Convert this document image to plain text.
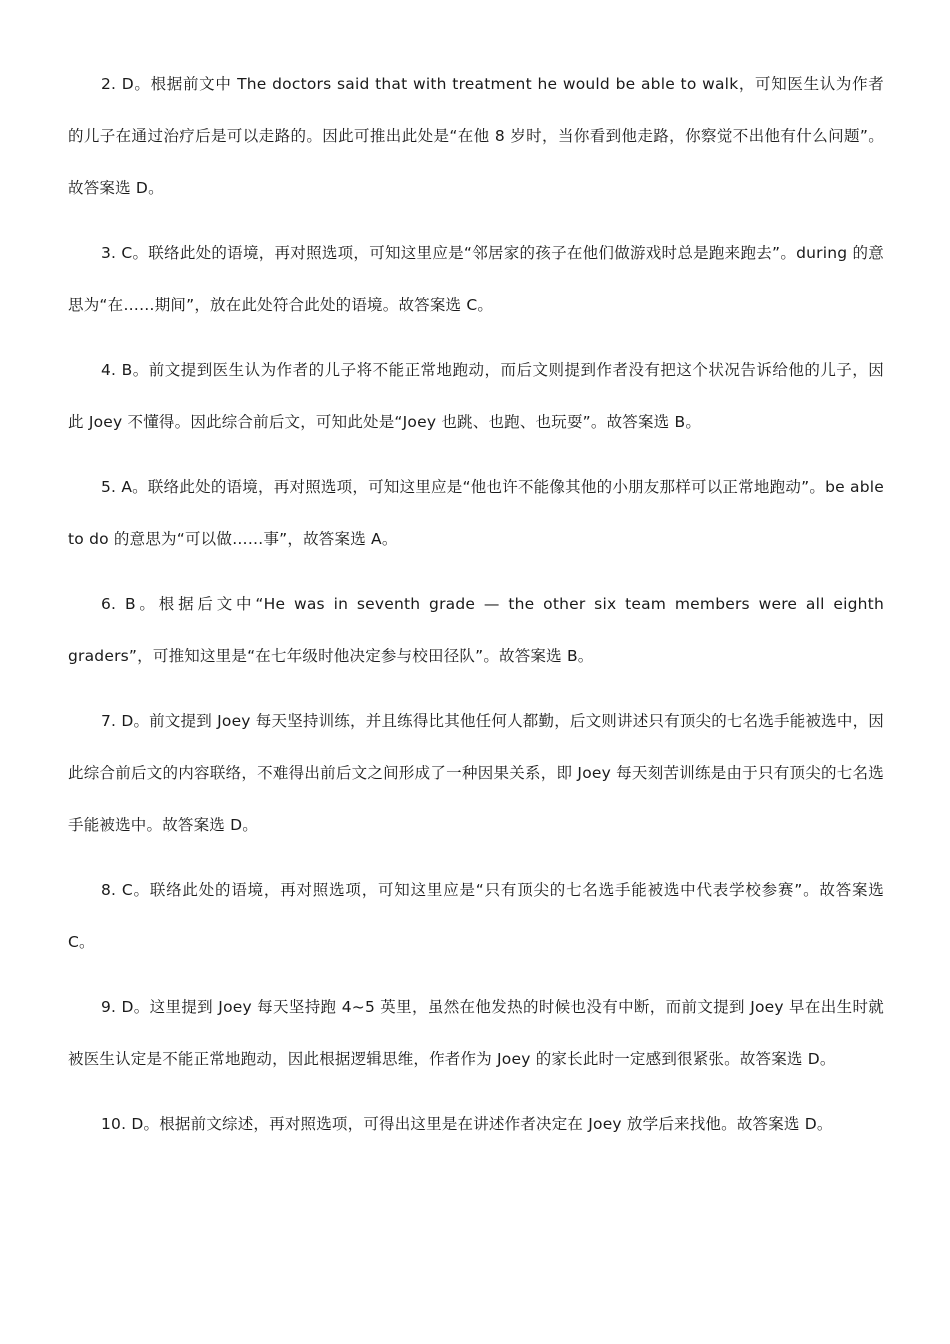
2. D。根据前文中 The doctors said that with treatment he would be able to walk，可知医生认为作者的儿子在通过治疗后是可以走路的。因此可推出此处是“在他 8 岁时，当你看到他走路，你察觉不出他有什么问题”。故答案选 D。

3. C。联络此处的语境，再对照选项，可知这里应是“邻居家的孩子在他们做游戏时总是跑来跑去”。during 的意思为“在……期间”，放在此处符合此处的语境。故答案选 C。

4. B。前文提到医生认为作者的儿子将不能正常地跑动，而后文则提到作者没有把这个状况告诉给他的儿子，因此 Joey 不懂得。因此综合前后文，可知此处是“Joey 也跳、也跑、也玩耍”。故答案选 B。

5. A。联络此处的语境，再对照选项，可知这里应是“他也许不能像其他的小朋友那样可以正常地跑动”。be able to do 的意思为“可以做……事”，故答案选 A。

6. B。根据后文中“He was in seventh grade — the other six team members were all eighth graders”，可推知这里是“在七年级时他决定参与校田径队”。故答案选 B。

7. D。前文提到 Joey 每天坚持训练，并且练得比其他任何人都勤，后文则讲述只有顶尖的七名选手能被选中，因此综合前后文的内容联络，不难得出前后文之间形成了一种因果关系，即 Joey 每天刻苦训练是由于只有顶尖的七名选手能被选中。故答案选 D。

8. C。联络此处的语境，再对照选项，可知这里应是“只有顶尖的七名选手能被选中代表学校参赛”。故答案选 C。

9. D。这里提到 Joey 每天坚持跑 4~5 英里，虽然在他发热的时候也没有中断，而前文提到 Joey 早在出生时就被医生认定是不能正常地跑动，因此根据逻辑思维，作者作为 Joey 的家长此时一定感到很紧张。故答案选 D。

10. D。根据前文综述，再对照选项，可得出这里是在讲述作者决定在 Joey 放学后来找他。故答案选 D。
